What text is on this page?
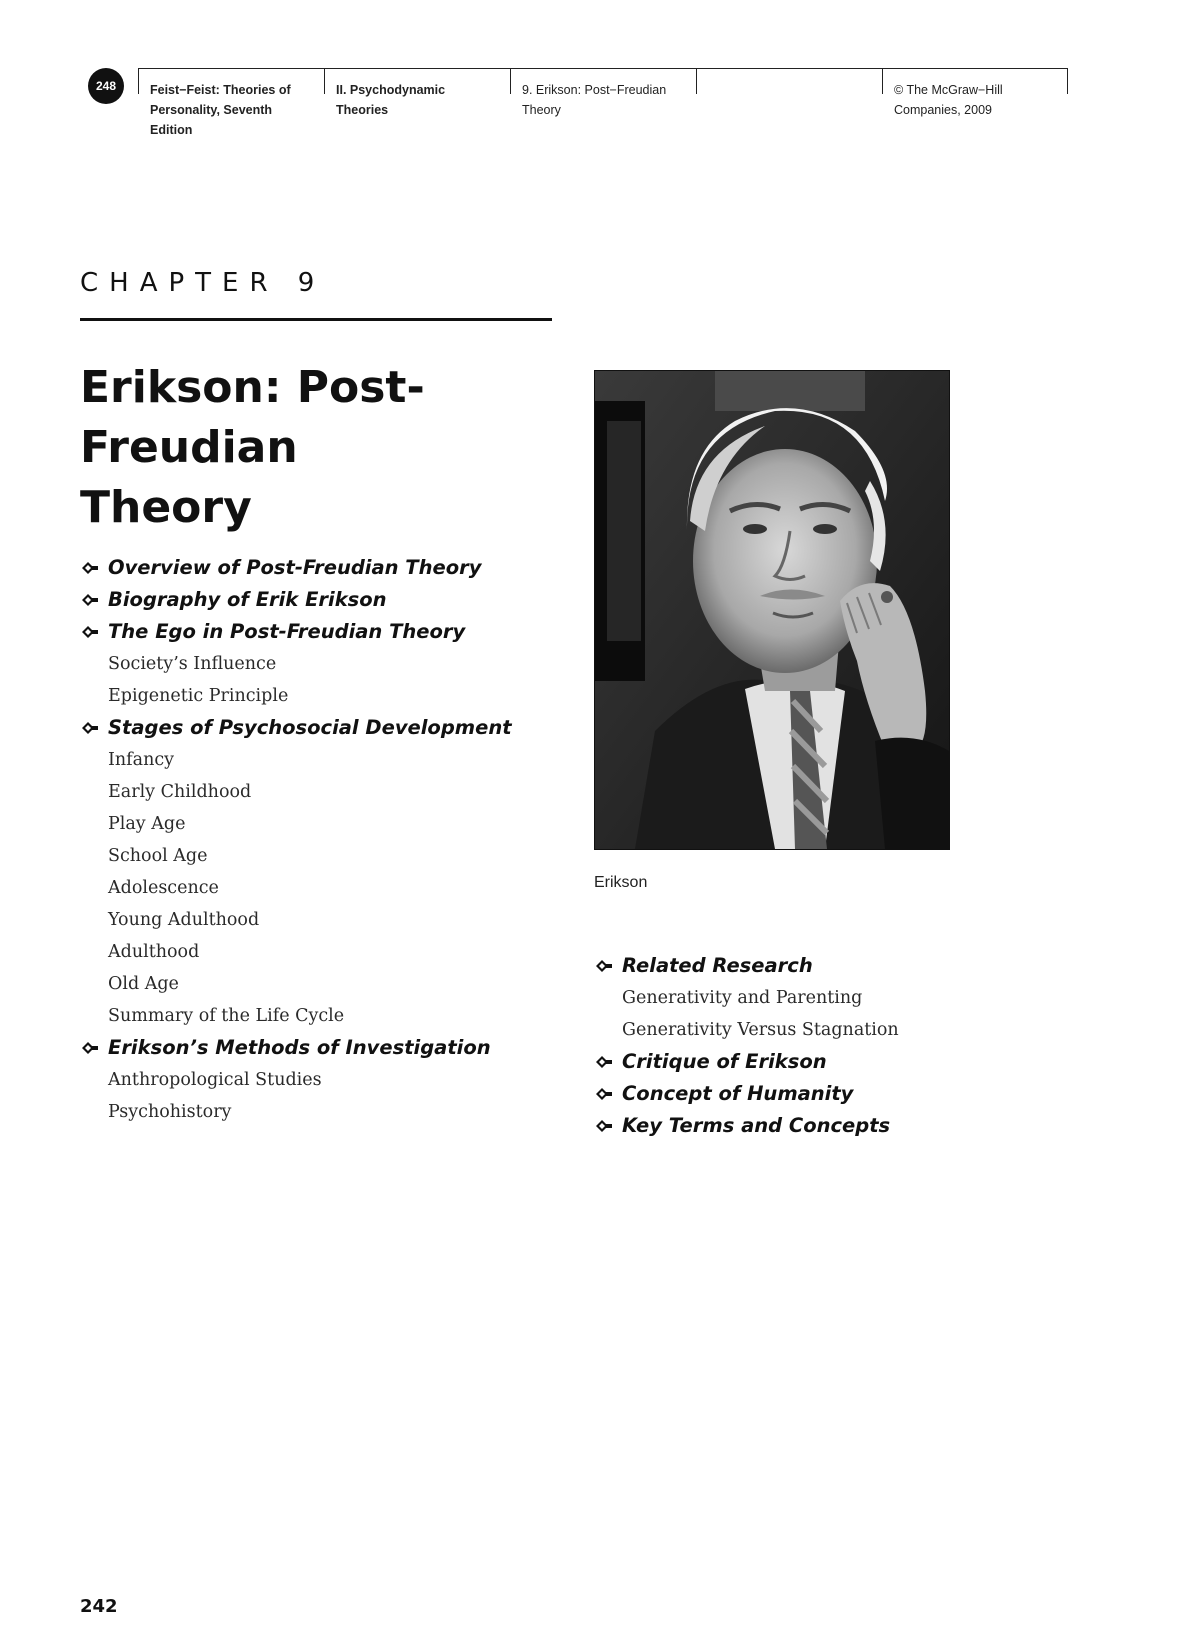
248	Feist−Feist: Theories of
Personality, Seventh
Edition
II. Psychodynamic
Theories
9. Erikson: Post−Freudian
Theory
© The McGraw−Hill
Companies, 2009
CHAPTER 9
Erikson: Post-Freudian
Theory
Erikson
Overview of Post-Freudian Theory
Biography of Erik Erikson
The Ego in Post-Freudian Theory
Society’s Influence
Epigenetic Principle
Stages of Psychosocial Development
Infancy
Early Childhood
Play Age
School Age
Adolescence
Young Adulthood
Adulthood
Old Age
Summary of the Life Cycle
Erikson’s Methods of Investigation
Anthropological Studies
Psychohistory
Related Research
Generativity and Parenting
Generativity Versus Stagnation
Critique of Erikson
Concept of Humanity
Key Terms and Concepts
242
